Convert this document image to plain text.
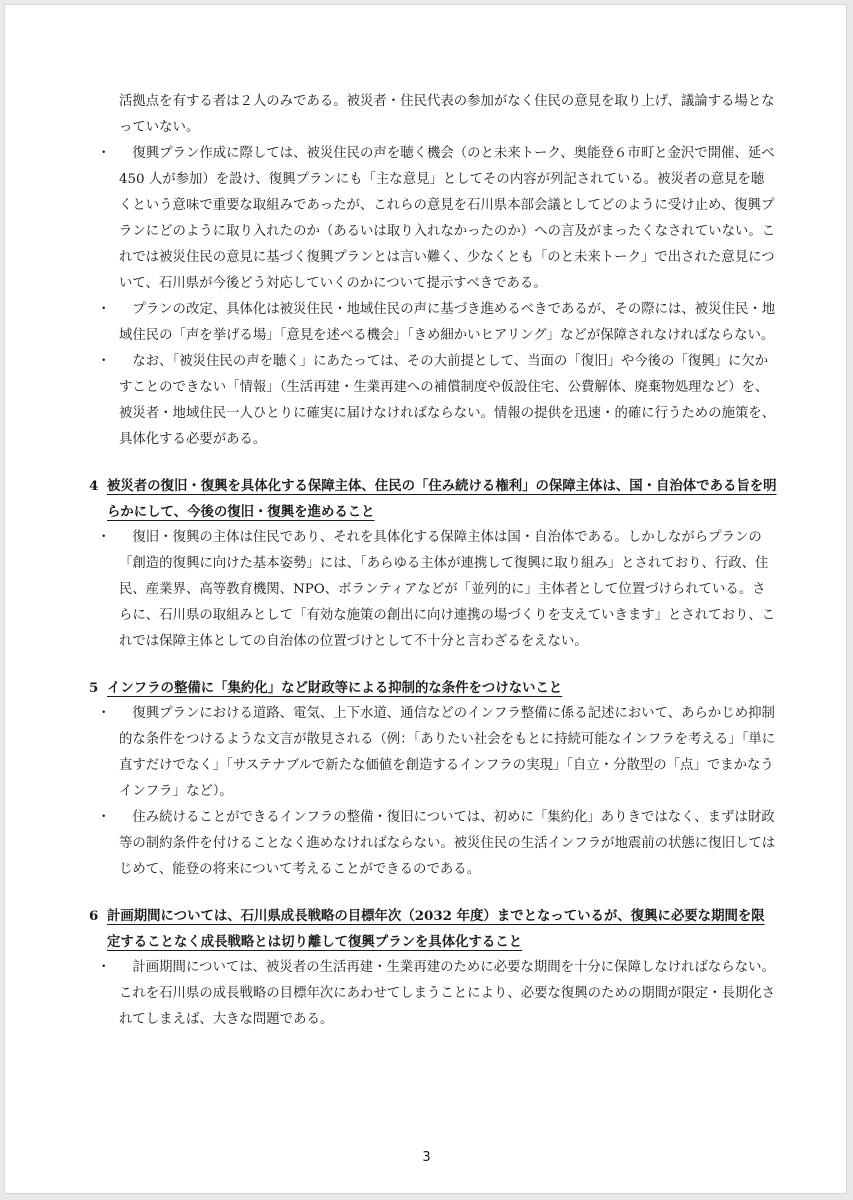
活拠点を有する者は２人のみである。被災者・住民代表の参加がなく住民の意見を取り上げ、議論する場となっていない。

・	復興プラン作成に際しては、被災住民の声を聴く機会（のと未来トーク、奥能登６市町と金沢で開催、延べ 450 人が参加）を設け、復興プランにも「主な意見」としてその内容が列記されている。被災者の意見を聴くという意味で重要な取組みであったが、これらの意見を石川県本部会議としてどのように受け止め、復興プランにどのように取り入れたのか（あるいは取り入れなかったのか）への言及がまったくなされていない。これでは被災住民の意見に基づく復興プランとは言い難く、少なくとも「のと未来トーク」で出された意見について、石川県が今後どう対応していくのかについて提示すべきである。
・	プランの改定、具体化は被災住民・地域住民の声に基づき進めるべきであるが、その際には、被災住民・地域住民の「声を挙げる場」「意見を述べる機会」「きめ細かいヒアリング」などが保障されなければならない。
・	なお、「被災住民の声を聴く」にあたっては、その大前提として、当面の「復旧」や今後の「復興」に欠かすことのできない「情報」（生活再建・生業再建への補償制度や仮設住宅、公費解体、廃棄物処理など）を、被災者・地域住民一人ひとりに確実に届けなければならない。情報の提供を迅速・的確に行うための施策を、具体化する必要がある。
4 被災者の復旧・復興を具体化する保障主体、住民の「住み続ける権利」の保障主体は、国・自治体である旨を明らかにして、今後の復旧・復興を進めること
・	復旧・復興の主体は住民であり、それを具体化する保障主体は国・自治体である。しかしながらプランの「創造的復興に向けた基本姿勢」には、「あらゆる主体が連携して復興に取り組み」とされており、行政、住民、産業界、高等教育機関、NPO、ボランティアなどが「並列的に」主体者として位置づけられている。さらに、石川県の取組みとして「有効な施策の創出に向け連携の場づくりを支えていきます」とされており、これでは保障主体としての自治体の位置づけとして不十分と言わざるをえない。
5 インフラの整備に「集約化」など財政等による抑制的な条件をつけないこと
・	復興プランにおける道路、電気、上下水道、通信などのインフラ整備に係る記述において、あらかじめ抑制的な条件をつけるような文言が散見される（例：「ありたい社会をもとに持続可能なインフラを考える」「単に直すだけでなく」「サステナブルで新たな価値を創造するインフラの実現」「自立・分散型の「点」でまかなうインフラ」など）。
・	住み続けることができるインフラの整備・復旧については、初めに「集約化」ありきではなく、まずは財政等の制約条件を付けることなく進めなければならない。被災住民の生活インフラが地震前の状態に復旧してはじめて、能登の将来について考えることができるのである。
6 計画期間については、石川県成長戦略の目標年次（2032 年度）までとなっているが、復興に必要な期間を限定することなく成長戦略とは切り離して復興プランを具体化すること
・	計画期間については、被災者の生活再建・生業再建のために必要な期間を十分に保障しなければならない。これを石川県の成長戦略の目標年次にあわせてしまうことにより、必要な復興のための期間が限定・長期化されてしまえば、大きな問題である。
3
